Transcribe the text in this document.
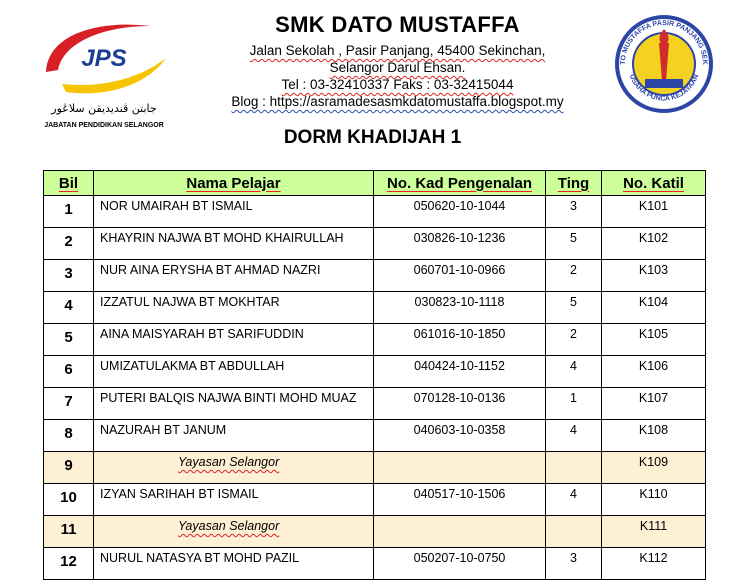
JPS
جابتن ڤنديديقن سلاڠور
JABATAN PENDIDIKAN SELANGOR
SMK DATO MUSTAFFA
Jalan Sekolah , Pasir Panjang, 45400 Sekinchan,
Selangor Darul Ehsan.
Tel : 03-32410337 Faks : 03-32415044
Blog : https://asramadesasmkdatomustaffa.blogspot.my
TO MUSTAFFA PASIR PANJANG SEK
USAHA PUNCA KEJAYAAN
DORM KHADIJAH 1
Bil	Nama Pelajar	No. Kad Pengenalan	Ting	No. Katil
1	NOR UMAIRAH BT ISMAIL	050620-10-1044	3	K101
2	KHAYRIN NAJWA BT MOHD KHAIRULLAH	030826-10-1236	5	K102
3	NUR AINA ERYSHA BT AHMAD NAZRI	060701-10-0966	2	K103
4	IZZATUL NAJWA BT MOKHTAR	030823-10-1118	5	K104
5	AINA MAISYARAH BT SARIFUDDIN	061016-10-1850	2	K105
6	UMIZATULAKMA BT ABDULLAH	040424-10-1152	4	K106
7	PUTERI BALQIS NAJWA BINTI MOHD MUAZ	070128-10-0136	1	K107
8	NAZURAH BT JANUM	040603-10-0358	4	K108
9	Yayasan Selangor			K109
10	IZYAN SARIHAH BT ISMAIL	040517-10-1506	4	K110
11	Yayasan Selangor			K111
12	NURUL NATASYA BT MOHD PAZIL	050207-10-0750	3	K112
